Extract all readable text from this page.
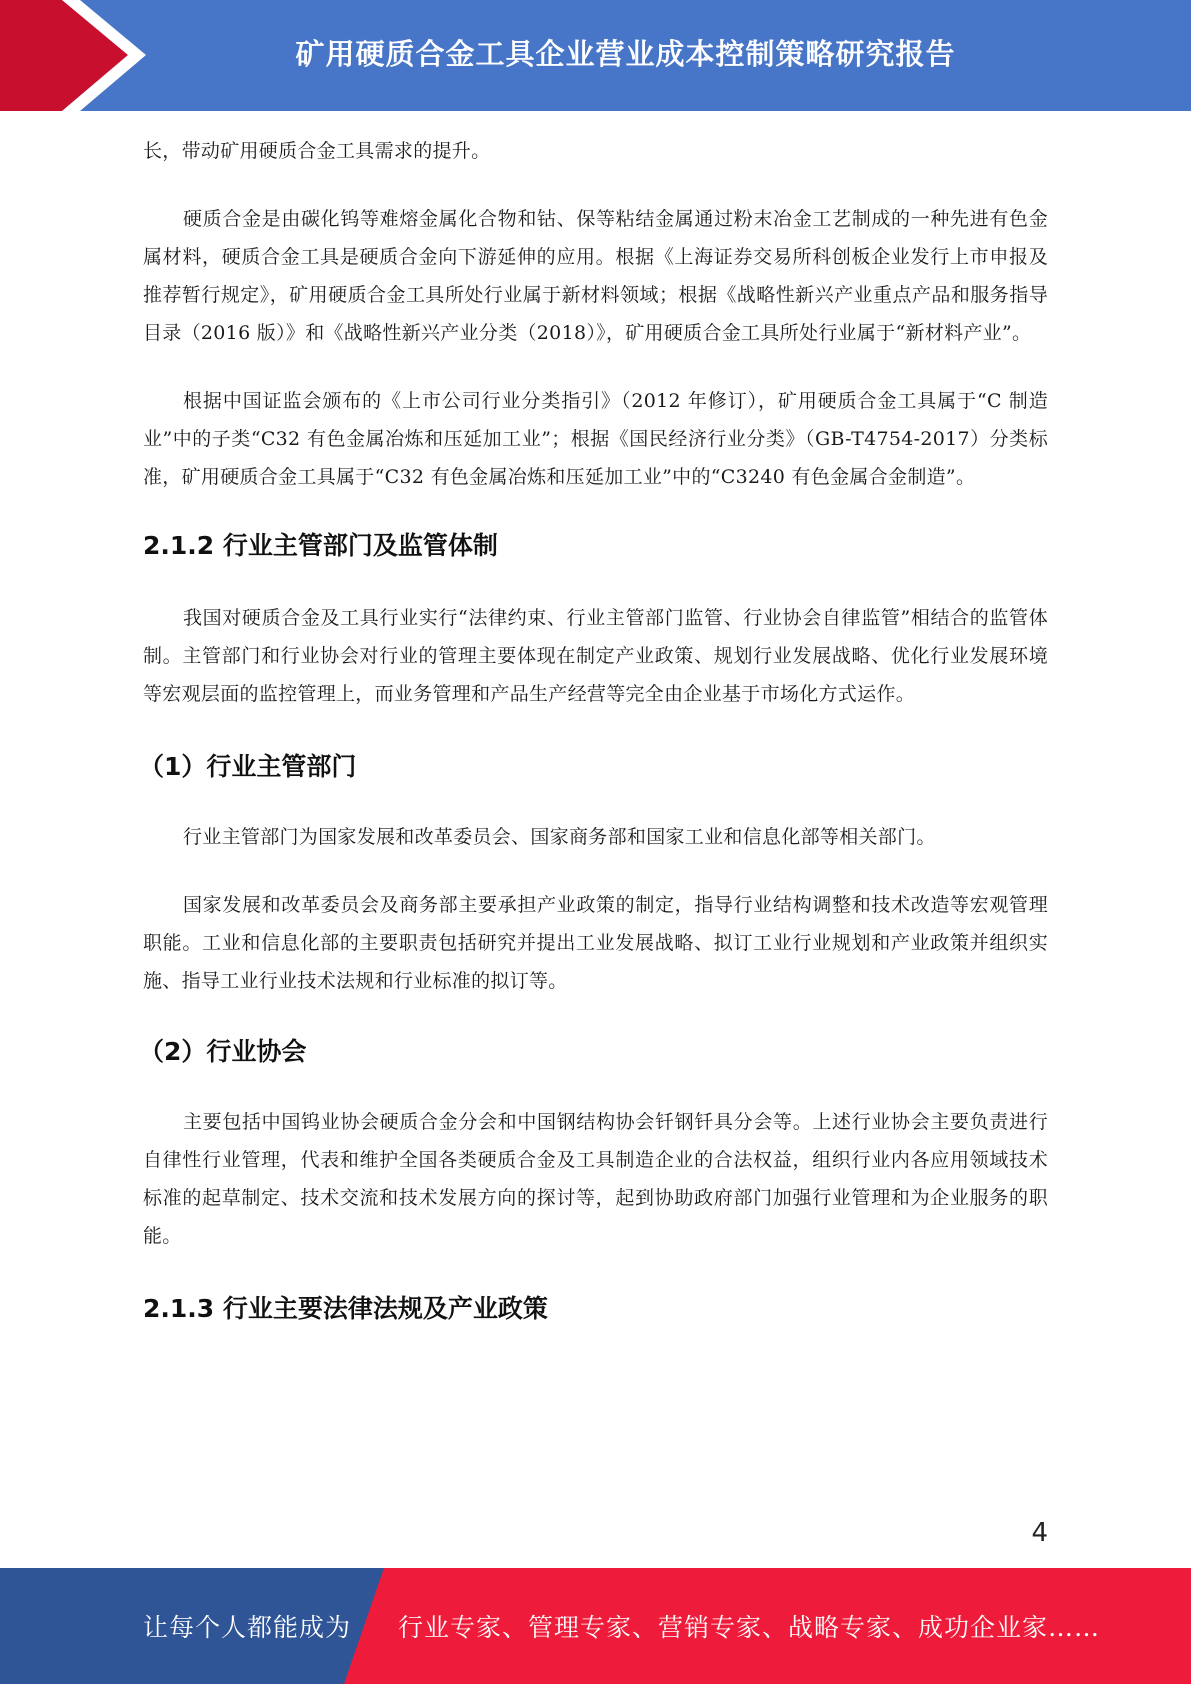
矿用硬质合金工具企业营业成本控制策略研究报告

长，带动矿用硬质合金工具需求的提升。

硬质合金是由碳化钨等难熔金属化合物和钴、保等粘结金属通过粉末冶金工艺制成的一种先进有色金属材料，硬质合金工具是硬质合金向下游延伸的应用。根据《上海证券交易所科创板企业发行上市申报及推荐暂行规定》，矿用硬质合金工具所处行业属于新材料领域；根据《战略性新兴产业重点产品和服务指导目录（2016 版）》和《战略性新兴产业分类（2018）》，矿用硬质合金工具所处行业属于“新材料产业”。

根据中国证监会颁布的《上市公司行业分类指引》（2012 年修订），矿用硬质合金工具属于“C 制造业”中的子类“C32 有色金属冶炼和压延加工业”；根据《国民经济行业分类》（GB-T4754-2017）分类标准，矿用硬质合金工具属于“C32 有色金属冶炼和压延加工业”中的“C3240 有色金属合金制造”。

2.1.2 行业主管部门及监管体制

我国对硬质合金及工具行业实行“法律约束、行业主管部门监管、行业协会自律监管”相结合的监管体制。主管部门和行业协会对行业的管理主要体现在制定产业政策、规划行业发展战略、优化行业发展环境等宏观层面的监控管理上，而业务管理和产品生产经营等完全由企业基于市场化方式运作。

（1）行业主管部门

行业主管部门为国家发展和改革委员会、国家商务部和国家工业和信息化部等相关部门。

国家发展和改革委员会及商务部主要承担产业政策的制定，指导行业结构调整和技术改造等宏观管理职能。工业和信息化部的主要职责包括研究并提出工业发展战略、拟订工业行业规划和产业政策并组织实施、指导工业行业技术法规和行业标准的拟订等。

（2）行业协会

主要包括中国钨业协会硬质合金分会和中国钢结构协会钎钢钎具分会等。上述行业协会主要负责进行自律性行业管理，代表和维护全国各类硬质合金及工具制造企业的合法权益，组织行业内各应用领域技术标准的起草制定、技术交流和技术发展方向的探讨等，起到协助政府部门加强行业管理和为企业服务的职能。

2.1.3 行业主要法律法规及产业政策
4
让每个人都能成为 行业专家、管理专家、营销专家、战略专家、成功企业家……
